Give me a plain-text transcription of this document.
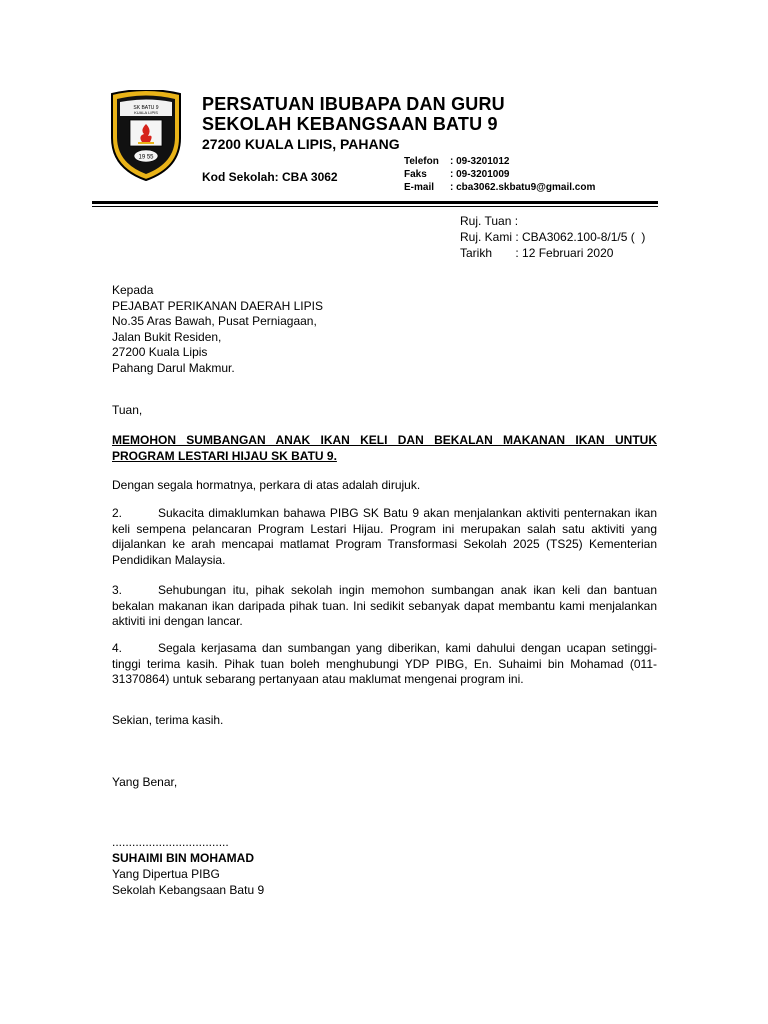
SK BATU 9
KUALA LIPIS
19 55
PERSATUAN IBUBAPA DAN GURU
SEKOLAH KEBANGSAAN BATU 9
27200 KUALA LIPIS, PAHANG
Kod Sekolah: CBA 3062
Telefon	: 09-3201012
Faks	: 09-3201009
E-mail	: cba3062.skbatu9@gmail.com
Ruj. Tuan :
Ruj. Kami : CBA3062.100-8/1/5 (  )
Tarikh       : 12 Februari 2020
Kepada
PEJABAT PERIKANAN DAERAH LIPIS
No.35 Aras Bawah, Pusat Perniagaan,
Jalan Bukit Residen,
27200 Kuala Lipis
Pahang Darul Makmur.
Tuan,
MEMOHON SUMBANGAN ANAK IKAN KELI DAN BEKALAN MAKANAN IKAN UNTUK PROGRAM LESTARI HIJAU SK BATU 9.
Dengan segala hormatnya, perkara di atas adalah dirujuk.
2.	Sukacita dimaklumkan bahawa PIBG SK Batu 9 akan menjalankan aktiviti penternakan ikan keli sempena pelancaran Program Lestari Hijau. Program ini merupakan salah satu aktiviti yang dijalankan ke arah mencapai matlamat Program Transformasi Sekolah 2025 (TS25) Kementerian Pendidikan Malaysia.
3.	Sehubungan itu, pihak sekolah ingin memohon sumbangan anak ikan keli dan bantuan bekalan makanan ikan daripada pihak tuan. Ini sedikit sebanyak dapat membantu kami menjalankan aktiviti ini dengan lancar.
4.	Segala kerjasama dan sumbangan yang diberikan, kami dahului dengan ucapan setinggi-tinggi terima kasih. Pihak tuan boleh menghubungi YDP PIBG, En. Suhaimi bin Mohamad (011-31370864) untuk sebarang pertanyaan atau maklumat mengenai program ini.
Sekian, terima kasih.
Yang Benar,
...................................
SUHAIMI BIN MOHAMAD
Yang Dipertua PIBG
Sekolah Kebangsaan Batu 9
